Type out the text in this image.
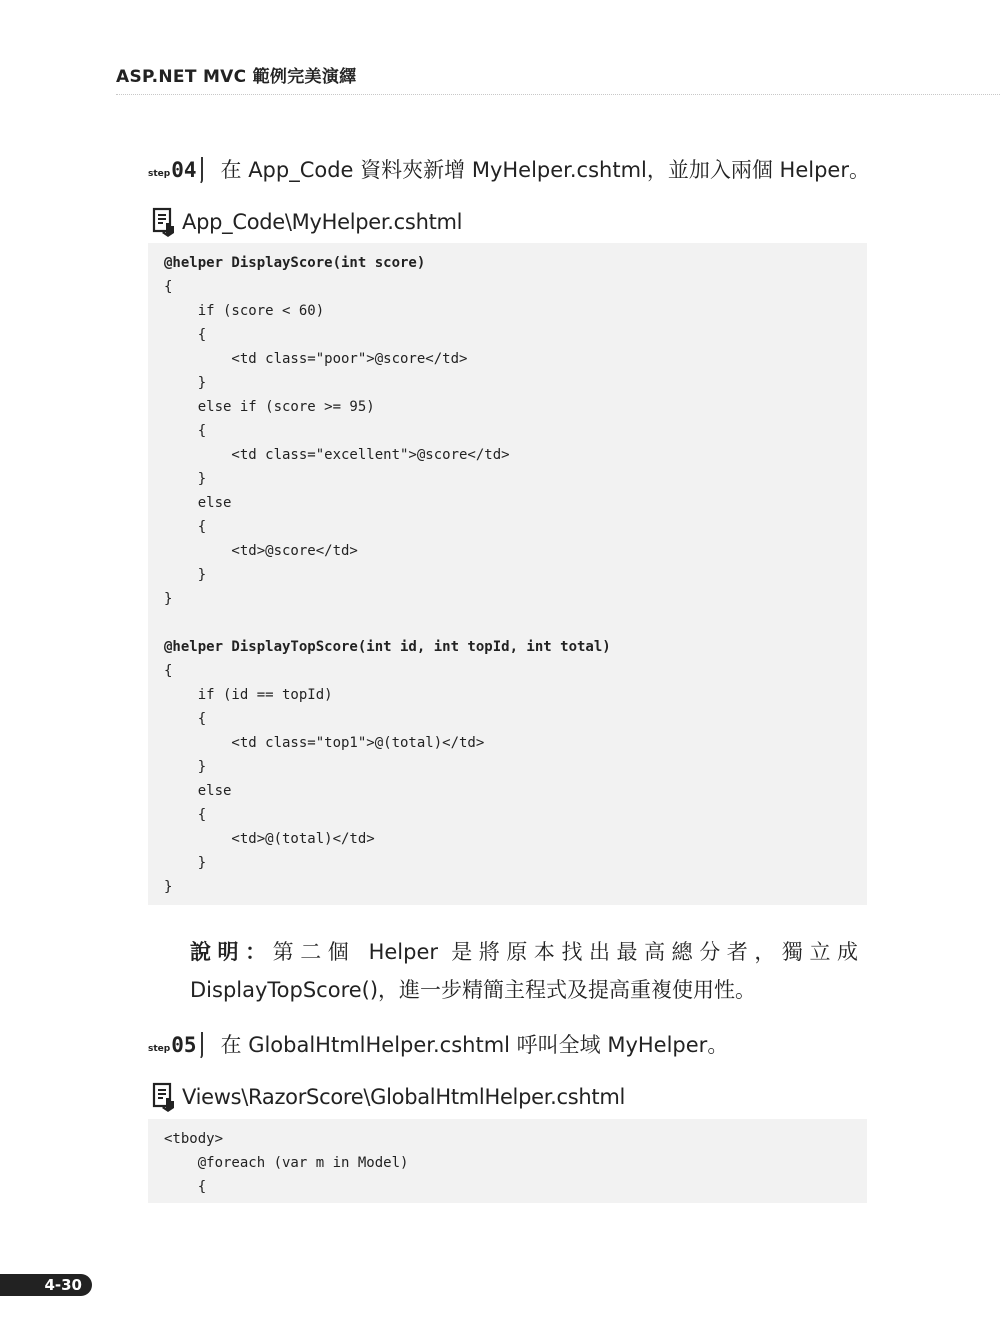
ASP.NET MVC 範例完美演繹
step 04 在 App_Code 資料夾新增 MyHelper.cshtml，並加入兩個 Helper。
App_Code\MyHelper.cshtml
@helper DisplayScore(int score)
{
if (score < 60)
{
<td class="poor">@score</td>
}
else if (score >= 95)
{
<td class="excellent">@score</td>
}
else
{
<td>@score</td>
}
}

@helper DisplayTopScore(int id, int topId, int total)
{
if (id == topId)
{
<td class="top1">@(total)</td>
}
else
{
<td>@(total)</td>
}
}
說明：第二個 Helper 是將原本找出最高總分者，獨立成 DisplayTopScore()，進一步精簡主程式及提高重複使用性。
step 05 在 GlobalHtmlHelper.cshtml 呼叫全域 MyHelper。
Views\RazorScore\GlobalHtmlHelper.cshtml
<tbody>
@foreach (var m in Model)
{
4-30
